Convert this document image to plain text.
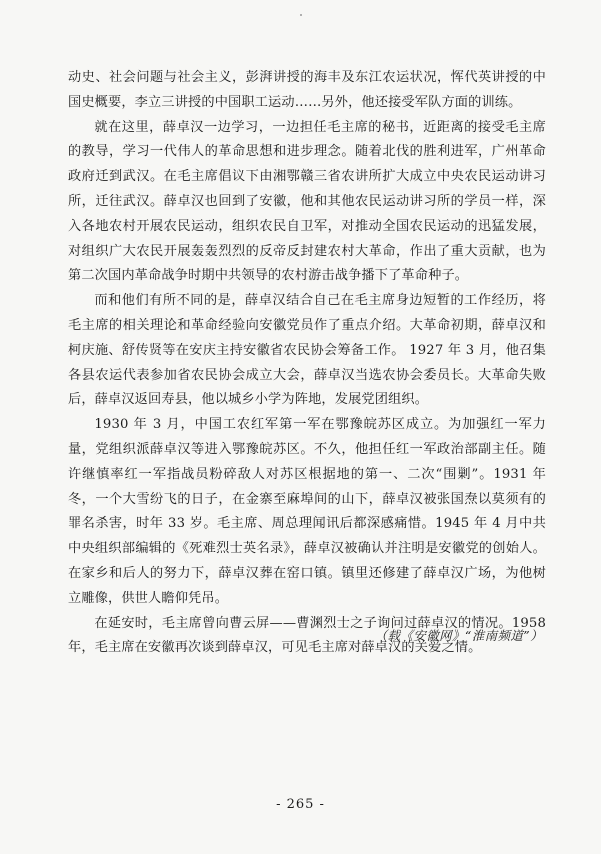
动史、社会问题与社会主义，彭湃讲授的海丰及东江农运状况，恽代英讲授的中国史概要，李立三讲授的中国职工运动……另外，他还接受军队方面的训练。

就在这里，薛卓汉一边学习，一边担任毛主席的秘书，近距离的接受毛主席的教导，学习一代伟人的革命思想和进步理念。随着北伐的胜利进军，广州革命政府迁到武汉。在毛主席倡议下由湘鄂赣三省农讲所扩大成立中央农民运动讲习所，迁往武汉。薛卓汉也回到了安徽，他和其他农民运动讲习所的学员一样，深入各地农村开展农民运动，组织农民自卫军，对推动全国农民运动的迅猛发展，对组织广大农民开展轰轰烈烈的反帝反封建农村大革命，作出了重大贡献，也为第二次国内革命战争时期中共领导的农村游击战争播下了革命种子。

而和他们有所不同的是，薛卓汉结合自己在毛主席身边短暂的工作经历，将毛主席的相关理论和革命经验向安徽党员作了重点介绍。大革命初期，薛卓汉和柯庆施、舒传贤等在安庆主持安徽省农民协会筹备工作。 1927 年 3 月，他召集各县农运代表参加省农民协会成立大会，薛卓汉当选农协会委员长。大革命失败后，薛卓汉返回寿县，他以城乡小学为阵地，发展党团组织。

1930 年 3 月，中国工农红军第一军在鄂豫皖苏区成立。为加强红一军力量，党组织派薛卓汉等进入鄂豫皖苏区。不久，他担任红一军政治部副主任。随许继慎率红一军指战员粉碎敌人对苏区根据地的第一、二次“围剿”。1931 年冬，一个大雪纷飞的日子，在金寨至麻埠间的山下，薛卓汉被张国焘以莫须有的罪名杀害，时年 33 岁。毛主席、周总理闻讯后都深感痛惜。1945 年 4 月中共中央组织部编辑的《死难烈士英名录》，薛卓汉被确认并注明是安徽党的创始人。在家乡和后人的努力下，薛卓汉葬在窑口镇。镇里还修建了薛卓汉广场，为他树立雕像，供世人瞻仰凭吊。

在延安时，毛主席曾向曹云屏——曹渊烈士之子询问过薛卓汉的情况。1958 年，毛主席在安徽再次谈到薛卓汉，可见毛主席对薛卓汉的关爱之情。

（载《安徽网》“淮南频道”）
- 265 -
